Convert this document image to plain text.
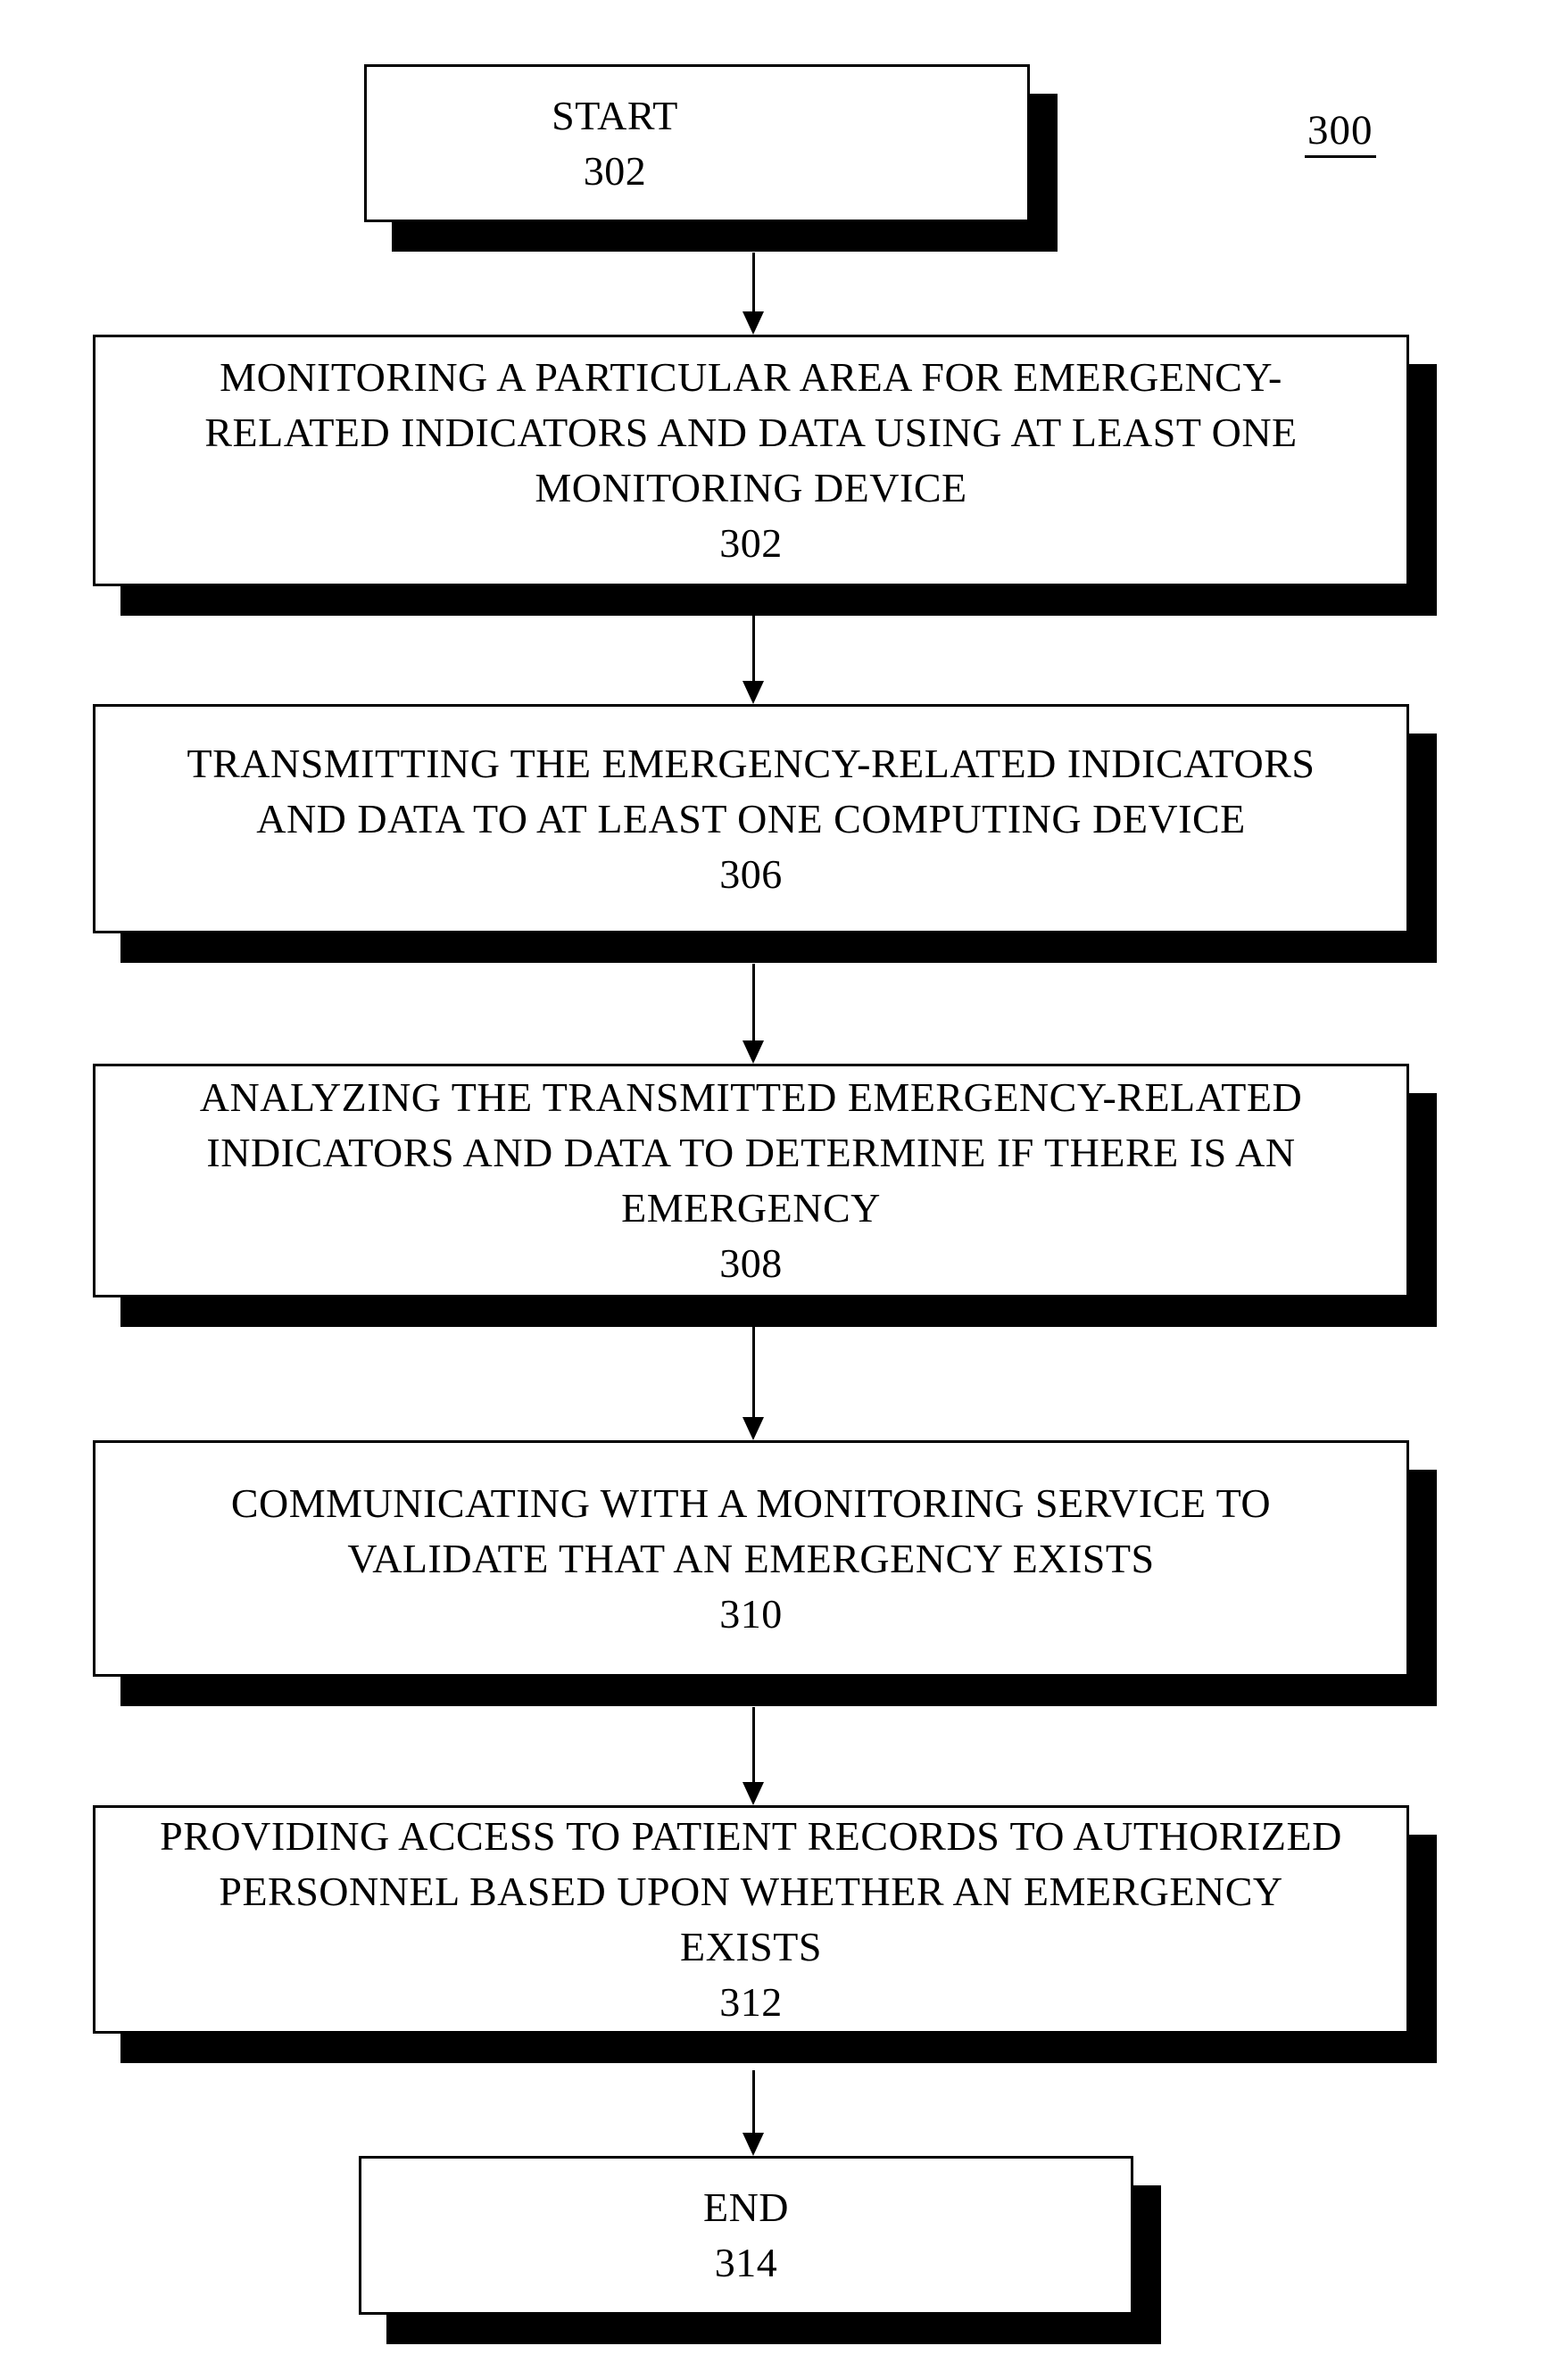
300
START
302
MONITORING A PARTICULAR AREA FOR EMERGENCY-
RELATED INDICATORS AND DATA USING AT LEAST ONE
MONITORING DEVICE
302
TRANSMITTING THE EMERGENCY-RELATED INDICATORS
AND DATA TO AT LEAST ONE COMPUTING DEVICE
306
ANALYZING THE TRANSMITTED EMERGENCY-RELATED
INDICATORS AND DATA TO DETERMINE IF THERE IS AN
EMERGENCY
308
COMMUNICATING WITH A MONITORING SERVICE TO
VALIDATE THAT AN EMERGENCY EXISTS
310
PROVIDING ACCESS TO PATIENT RECORDS TO AUTHORIZED
PERSONNEL BASED UPON WHETHER AN EMERGENCY
EXISTS
312
END
314
